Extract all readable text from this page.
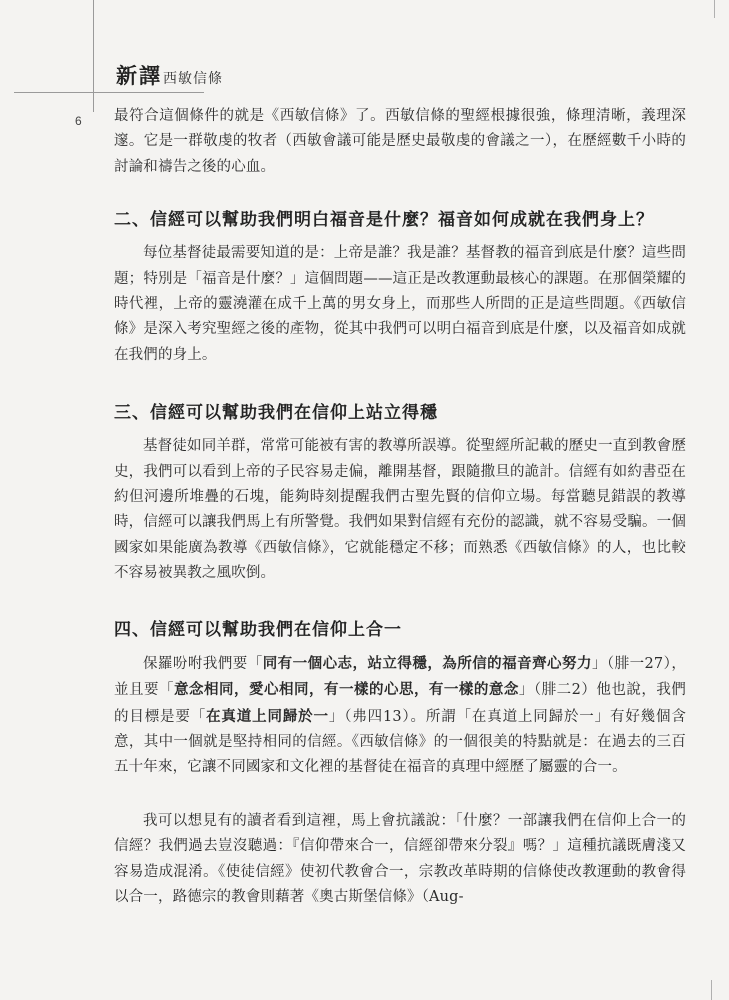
新譯西敏信條
6 最符合這個條件的就是《西敏信條》了。西敏信條的聖經根據很強，條理清晰，義理深邃。它是一群敬虔的牧者（西敏會議可能是歷史最敬虔的會議之一），在歷經數千小時的討論和禱告之後的心血。

二、信經可以幫助我們明白福音是什麼？福音如何成就在我們身上？

每位基督徒最需要知道的是：上帝是誰？我是誰？基督教的福音到底是什麼？這些問題；特別是「福音是什麼？」這個問題——這正是改教運動最核心的課題。在那個榮耀的時代裡，上帝的靈澆灌在成千上萬的男女身上，而那些人所問的正是這些問題。《西敏信條》是深入考究聖經之後的產物，從其中我們可以明白福音到底是什麼，以及福音如成就在我們的身上。

三、信經可以幫助我們在信仰上站立得穩

基督徒如同羊群，常常可能被有害的教導所誤導。從聖經所記載的歷史一直到教會歷史，我們可以看到上帝的子民容易走偏，離開基督，跟隨撒旦的詭計。信經有如約書亞在約但河邊所堆疊的石塊，能夠時刻提醒我們古聖先賢的信仰立場。每當聽見錯誤的教導時，信經可以讓我們馬上有所警覺。我們如果對信經有充份的認識，就不容易受騙。一個國家如果能廣為教導《西敏信條》，它就能穩定不移；而熟悉《西敏信條》的人，也比較不容易被異教之風吹倒。

四、信經可以幫助我們在信仰上合一

保羅吩咐我們要「同有一個心志，站立得穩，為所信的福音齊心努力」（腓一27），並且要「意念相同，愛心相同，有一樣的心思，有一樣的意念」（腓二2）他也說，我們的目標是要「在真道上同歸於一」（弗四13）。所謂「在真道上同歸於一」有好幾個含意，其中一個就是堅持相同的信經。《西敏信條》的一個很美的特點就是：在過去的三百五十年來，它讓不同國家和文化裡的基督徒在福音的真理中經歷了屬靈的合一。

我可以想見有的讀者看到這裡，馬上會抗議說：「什麼？一部讓我們在信仰上合一的信經？我們過去豈沒聽過：『信仰帶來合一，信經卻帶來分裂』嗎？」這種抗議既膚淺又容易造成混淆。《使徒信經》使初代教會合一，宗教改革時期的信條使改教運動的教會得以合一，路德宗的教會則藉著《奧古斯堡信條》（Aug-
